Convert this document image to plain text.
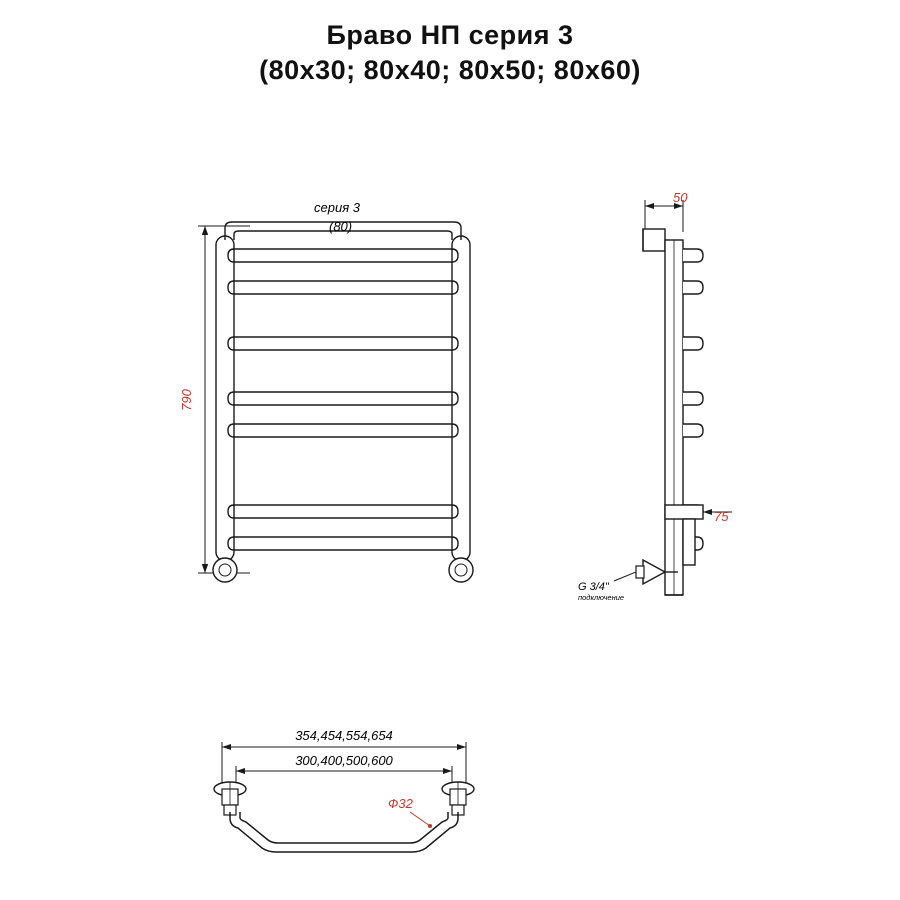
Браво НП серия 3
(80x30; 80x40; 80x50; 80x60)
серия 3
(80)
790
50
75
G 3/4"
подключение
354,454,554,654
300,400,500,600
Ф32
